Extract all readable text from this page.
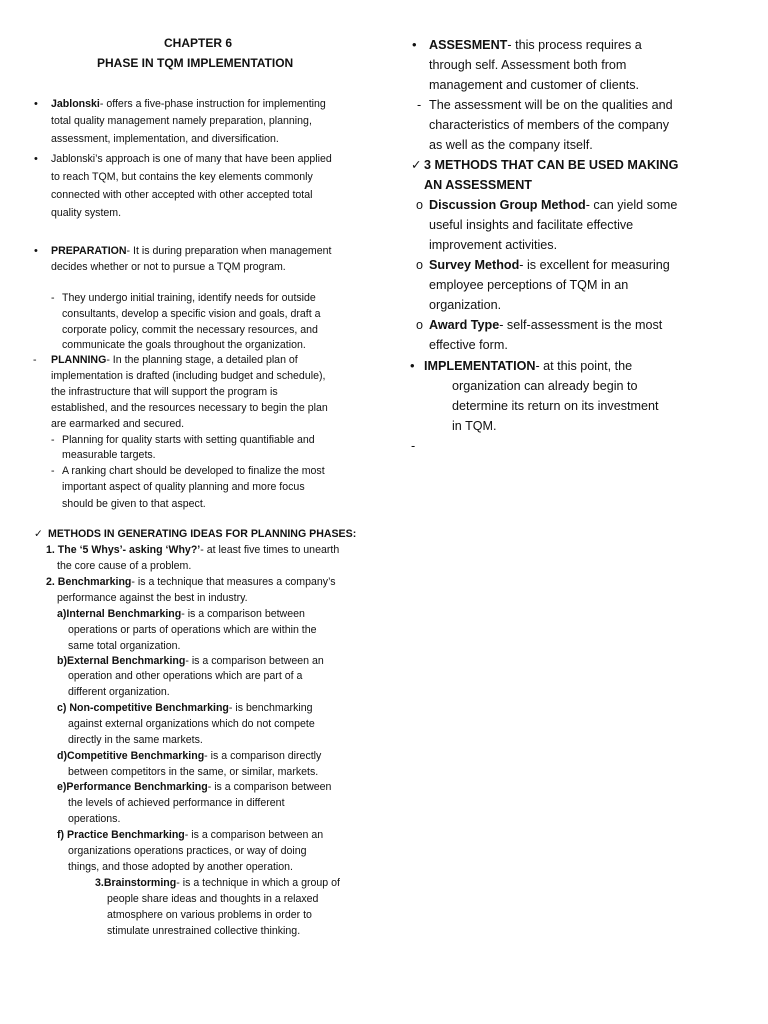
CHAPTER 6
PHASE IN TQM IMPLEMENTATION
• Jablonski- offers a five-phase instruction for implementing
total quality management namely preparation, planning,
assessment, implementation, and diversification.
• Jablonski’s approach is one of many that have been applied
to reach TQM, but contains the key elements commonly
connected with other accepted with other accepted total
quality system.
• PREPARATION- It is during preparation when management
decides whether or not to pursue a TQM program.
- They undergo initial training, identify needs for outside
consultants, develop a specific vision and goals, draft a
corporate policy, commit the necessary resources, and
communicate the goals throughout the organization.
- PLANNING- In the planning stage, a detailed plan of
implementation is drafted (including budget and schedule),
the infrastructure that will support the program is
established, and the resources necessary to begin the plan
are earmarked and secured.
- Planning for quality starts with setting quantifiable and
measurable targets.
- A ranking chart should be developed to finalize the most
important aspect of quality planning and more focus
should be given to that aspect.
✓ METHODS IN GENERATING IDEAS FOR PLANNING PHASES:
1. The ‘5 Whys’- asking ‘Why?’- at least five times to unearth
the core cause of a problem.
2. Benchmarking- is a technique that measures a company’s
performance against the best in industry.
a)Internal Benchmarking- is a comparison between
operations or parts of operations which are within the
same total organization.
b)External Benchmarking- is a comparison between an
operation and other operations which are part of a
different organization.
c) Non-competitive Benchmarking- is benchmarking
against external organizations which do not compete
directly in the same markets.
d)Competitive Benchmarking- is a comparison directly
between competitors in the same, or similar, markets.
e)Performance Benchmarking- is a comparison between
the levels of achieved performance in different
operations.
f) Practice Benchmarking- is a comparison between an
organizations operations practices, or way of doing
things, and those adopted by another operation.
3.Brainstorming- is a technique in which a group of
people share ideas and thoughts in a relaxed
atmosphere on various problems in order to
stimulate unrestrained collective thinking.
• ASSESMENT- this process requires a
through self. Assessment both from
management and customer of clients.
- The assessment will be on the qualities and
characteristics of members of the company
as well as the company itself.
✓ 3 METHODS THAT CAN BE USED MAKING
AN ASSESSMENT
o Discussion Group Method- can yield some
useful insights and facilitate effective
improvement activities.
o Survey Method- is excellent for measuring
employee perceptions of TQM in an
organization.
o Award Type- self-assessment is the most
effective form.
• IMPLEMENTATION- at this point, the
organization can already begin to
determine its return on its investment
in TQM.
-
